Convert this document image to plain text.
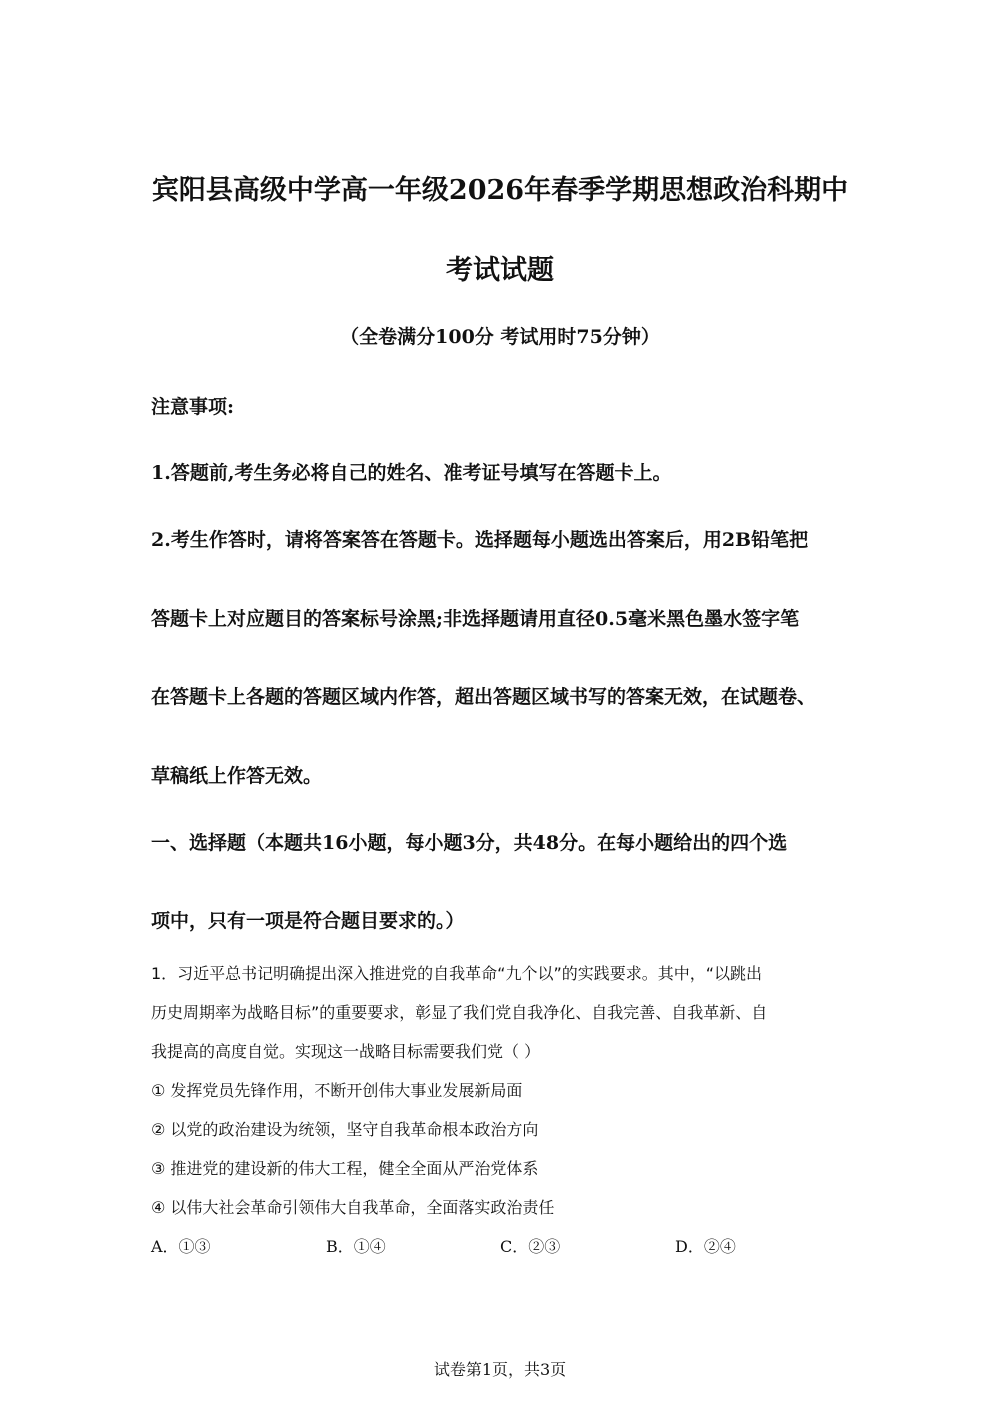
宾阳县高级中学高一年级2026年春季学期思想政治科期中
考试试题
（全卷满分100分 考试用时75分钟）
注意事项:
1.答题前,考生务必将自己的姓名、准考证号填写在答题卡上。
2.考生作答时，请将答案答在答题卡。选择题每小题选出答案后，用2B铅笔把
答题卡上对应题目的答案标号涂黑;非选择题请用直径0.5毫米黑色墨水签字笔
在答题卡上各题的答题区域内作答，超出答题区域书写的答案无效，在试题卷、
草稿纸上作答无效。
一、选择题（本题共16小题，每小题3分，共48分。在每小题给出的四个选
项中，只有一项是符合题目要求的。）
1．习近平总书记明确提出深入推进党的自我革命“九个以”的实践要求。其中，“以跳出
历史周期率为战略目标”的重要要求，彰显了我们党自我净化、自我完善、自我革新、自
我提高的高度自觉。实现这一战略目标需要我们党（ ）
① 发挥党员先锋作用，不断开创伟大事业发展新局面
② 以党的政治建设为统领，坚守自我革命根本政治方向
③ 推进党的建设新的伟大工程，健全全面从严治党体系
④ 以伟大社会革命引领伟大自我革命，全面落实政治责任
A．①③	B．①④	C．②③	D．②④
试卷第1页，共3页
